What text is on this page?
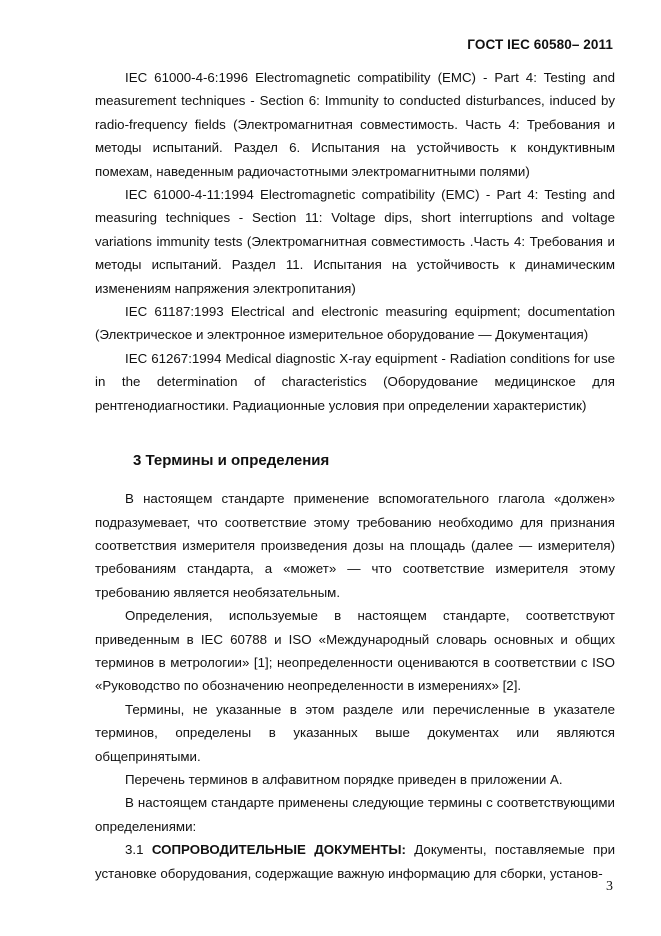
ГОСТ IEC 60580– 2011

IEC 61000-4-6:1996 Electromagnetic compatibility (EMC) - Part 4: Testing and measurement techniques - Section 6: Immunity to conducted disturbances, induced by radio-frequency fields (Электромагнитная совместимость. Часть 4: Требования и методы испытаний. Раздел 6. Испытания на устойчивость к кондуктивным помехам, наведенным радиочастотными электромагнитными полями)

IEC 61000-4-11:1994 Electromagnetic compatibility (EMC) - Part 4: Testing and measuring techniques - Section 11: Voltage dips, short interruptions and voltage variations immunity tests (Электромагнитная совместимость .Часть 4: Требования и методы испытаний. Раздел 11. Испытания на устойчивость к динамическим изменениям напряжения электропитания)

IEC 61187:1993 Electrical and electronic measuring equipment; documentation (Электрическое и электронное измерительное оборудование — Документация)

IEC 61267:1994 Medical diagnostic X-ray equipment - Radiation conditions for use in the determination of characteristics (Оборудование медицинское для рентгенодиагностики. Радиационные условия при определении характеристик)

3 Термины и определения

В настоящем стандарте применение вспомогательного глагола «должен» подразумевает, что соответствие этому требованию необходимо для признания соответствия измерителя произведения дозы на площадь (далее — измерителя) требованиям стандарта, а «может» — что соответствие измерителя этому требованию является необязательным.

Определения, используемые в настоящем стандарте, соответствуют приведенным в IEC 60788 и ISO «Международный словарь основных и общих терминов в метрологии» [1]; неопределенности оцениваются в соответствии с ISO «Руководство по обозначению неопределенности в измерениях» [2].

Термины, не указанные в этом разделе или перечисленные в указателе терминов, определены в указанных выше документах или являются общепринятыми.

Перечень терминов в алфавитном порядке приведен в приложении А.

В настоящем стандарте применены следующие термины с соответствующими определениями:

3.1 СОПРОВОДИТЕЛЬНЫЕ ДОКУМЕНТЫ: Документы, поставляемые при установке оборудования, содержащие важную информацию для сборки, установ-

3
